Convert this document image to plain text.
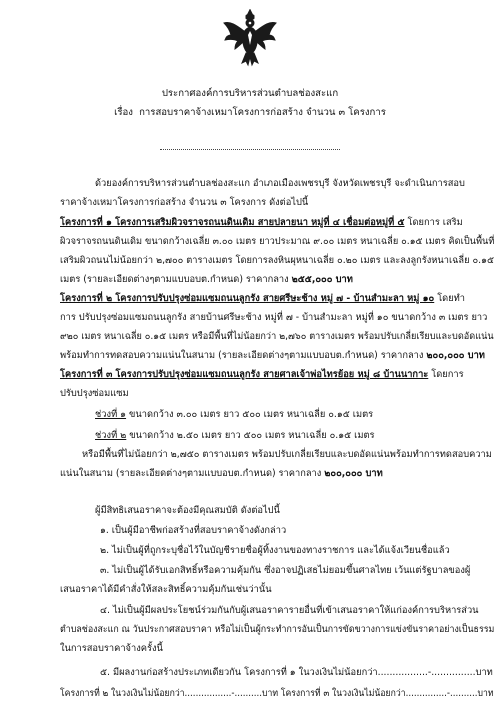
ประกาศองค์การบริหารส่วนตำบลช่องสะแก
เรื่อง การสอบราคาจ้างเหมาโครงการก่อสร้าง จำนวน ๓ โครงการ
ด้วยองค์การบริหารส่วนตำบลช่องสะแก อำเภอเมืองเพชรบุรี จังหวัดเพชรบุรี จะดำเนินการสอบ
ราคาจ้างเหมาโครงการก่อสร้าง จำนวน ๓ โครงการ ดังต่อไปนี้
โครงการที่ ๑ โครงการเสริมผิวจราจรถนนดินเดิม สายปลายนา หมู่ที่ ๔ เชื่อมต่อหมู่ที่ ๕ โดยการ เสริม
ผิวจราจรถนนดินเดิม ขนาดกว้างเฉลี่ย ๓.๐๐ เมตร ยาวประมาณ ๙.๐๐ เมตร หนาเฉลี่ย ๐.๑๕ เมตร คิดเป็นพื้นที่
เสริมผิวถนนไม่น้อยกว่า ๒,๗๐๐ ตารางเมตร โดยการลงหินผุหนาเฉลี่ย ๐.๒๐ เมตร และลงลูกรังหนาเฉลี่ย ๐.๑๕
เมตร (รายละเอียดต่างๆตามแบบอบต.กำหนด) ราคากลาง ๒๕๕,๐๐๐ บาท
โครงการที่ ๒ โครงการปรับปรุงซ่อมแซมถนนลูกรัง สายศรีษะช้าง หมู่ ๗ - บ้านสำมะลา หมู่ ๑๐ โดยทำ
การ ปรับปรุงซ่อมแซมถนนลูกรัง สายบ้านศรีษะช้าง หมู่ที่ ๗ - บ้านสำมะลา หมู่ที่ ๑๐ ขนาดกว้าง ๓ เมตร ยาว
๙๒๐ เมตร หนาเฉลี่ย ๐.๑๕ เมตร หรือมีพื้นที่ไม่น้อยกว่า ๒,๗๖๐ ตารางเมตร พร้อมปรับเกลี่ยเรียบและบดอัดแน่น
พร้อมทำการทดสอบความแน่นในสนาม (รายละเอียดต่างๆตามแบบอบต.กำหนด) ราคากลาง ๒๐๐,๐๐๐ บาท
โครงการที่ ๓ โครงการปรับปรุงซ่อมแซมถนนลูกรัง สายศาลเจ้าพ่อไทรย้อย หมู่ ๘ บ้านนากาะ โดยการ
ปรับปรุงซ่อมแซม
ช่วงที่ ๑ ขนาดกว้าง ๓.๐๐ เมตร ยาว ๕๐๐ เมตร หนาเฉลี่ย ๐.๑๕ เมตร
ช่วงที่ ๒ ขนาดกว้าง ๒.๕๐ เมตร ยาว ๕๐๐ เมตร หนาเฉลี่ย ๐.๑๕ เมตร
หรือมีพื้นที่ไม่น้อยกว่า ๒,๗๕๐ ตารางเมตร พร้อมปรับเกลี่ยเรียบและบดอัดแน่นพร้อมทำการทดสอบความ
แน่นในสนาม (รายละเอียดต่างๆตามแบบอบต.กำหนด) ราคากลาง ๒๐๐,๐๐๐ บาท
ผู้มีสิทธิเสนอราคาจะต้องมีคุณสมบัติ ดังต่อไปนี้
๑. เป็นผู้มีอาชีพก่อสร้างที่สอบราคาจ้างดังกล่าว
๒. ไม่เป็นผู้ที่ถูกระบุชื่อไว้ในบัญชีรายชื่อผู้ทิ้งงานของทางราชการ และได้แจ้งเวียนชื่อแล้ว
๓. ไม่เป็นผู้ได้รับเอกสิทธิ์หรือความคุ้มกัน ซึ่งอาจปฏิเสธไม่ยอมขึ้นศาลไทย เว้นแต่รัฐบาลของผู้
เสนอราคาได้มีคำสั่งให้สละสิทธิ์ความคุ้มกันเช่นว่านั้น
๔. ไม่เป็นผู้มีผลประโยชน์ร่วมกันกับผู้เสนอราคารายอื่นที่เข้าเสนอราคาให้แก่องค์การบริหารส่วน
ตำบลช่องสะแก ณ วันประกาศสอบราคา หรือไม่เป็นผู้กระทำการอันเป็นการขัดขวางการแข่งขันราคาอย่างเป็นธรรม
ในการสอบราคาจ้างครั้งนี้
๕. มีผลงานก่อสร้างประเภทเดียวกัน โครงการที่ ๑ ในวงเงินไม่น้อยกว่า.................-...............บาท
โครงการที่ ๒ ในวงเงินไม่น้อยกว่า.................-..........บาท โครงการที่ ๓ ในวงเงินไม่น้อยกว่า...............-..........บาท
